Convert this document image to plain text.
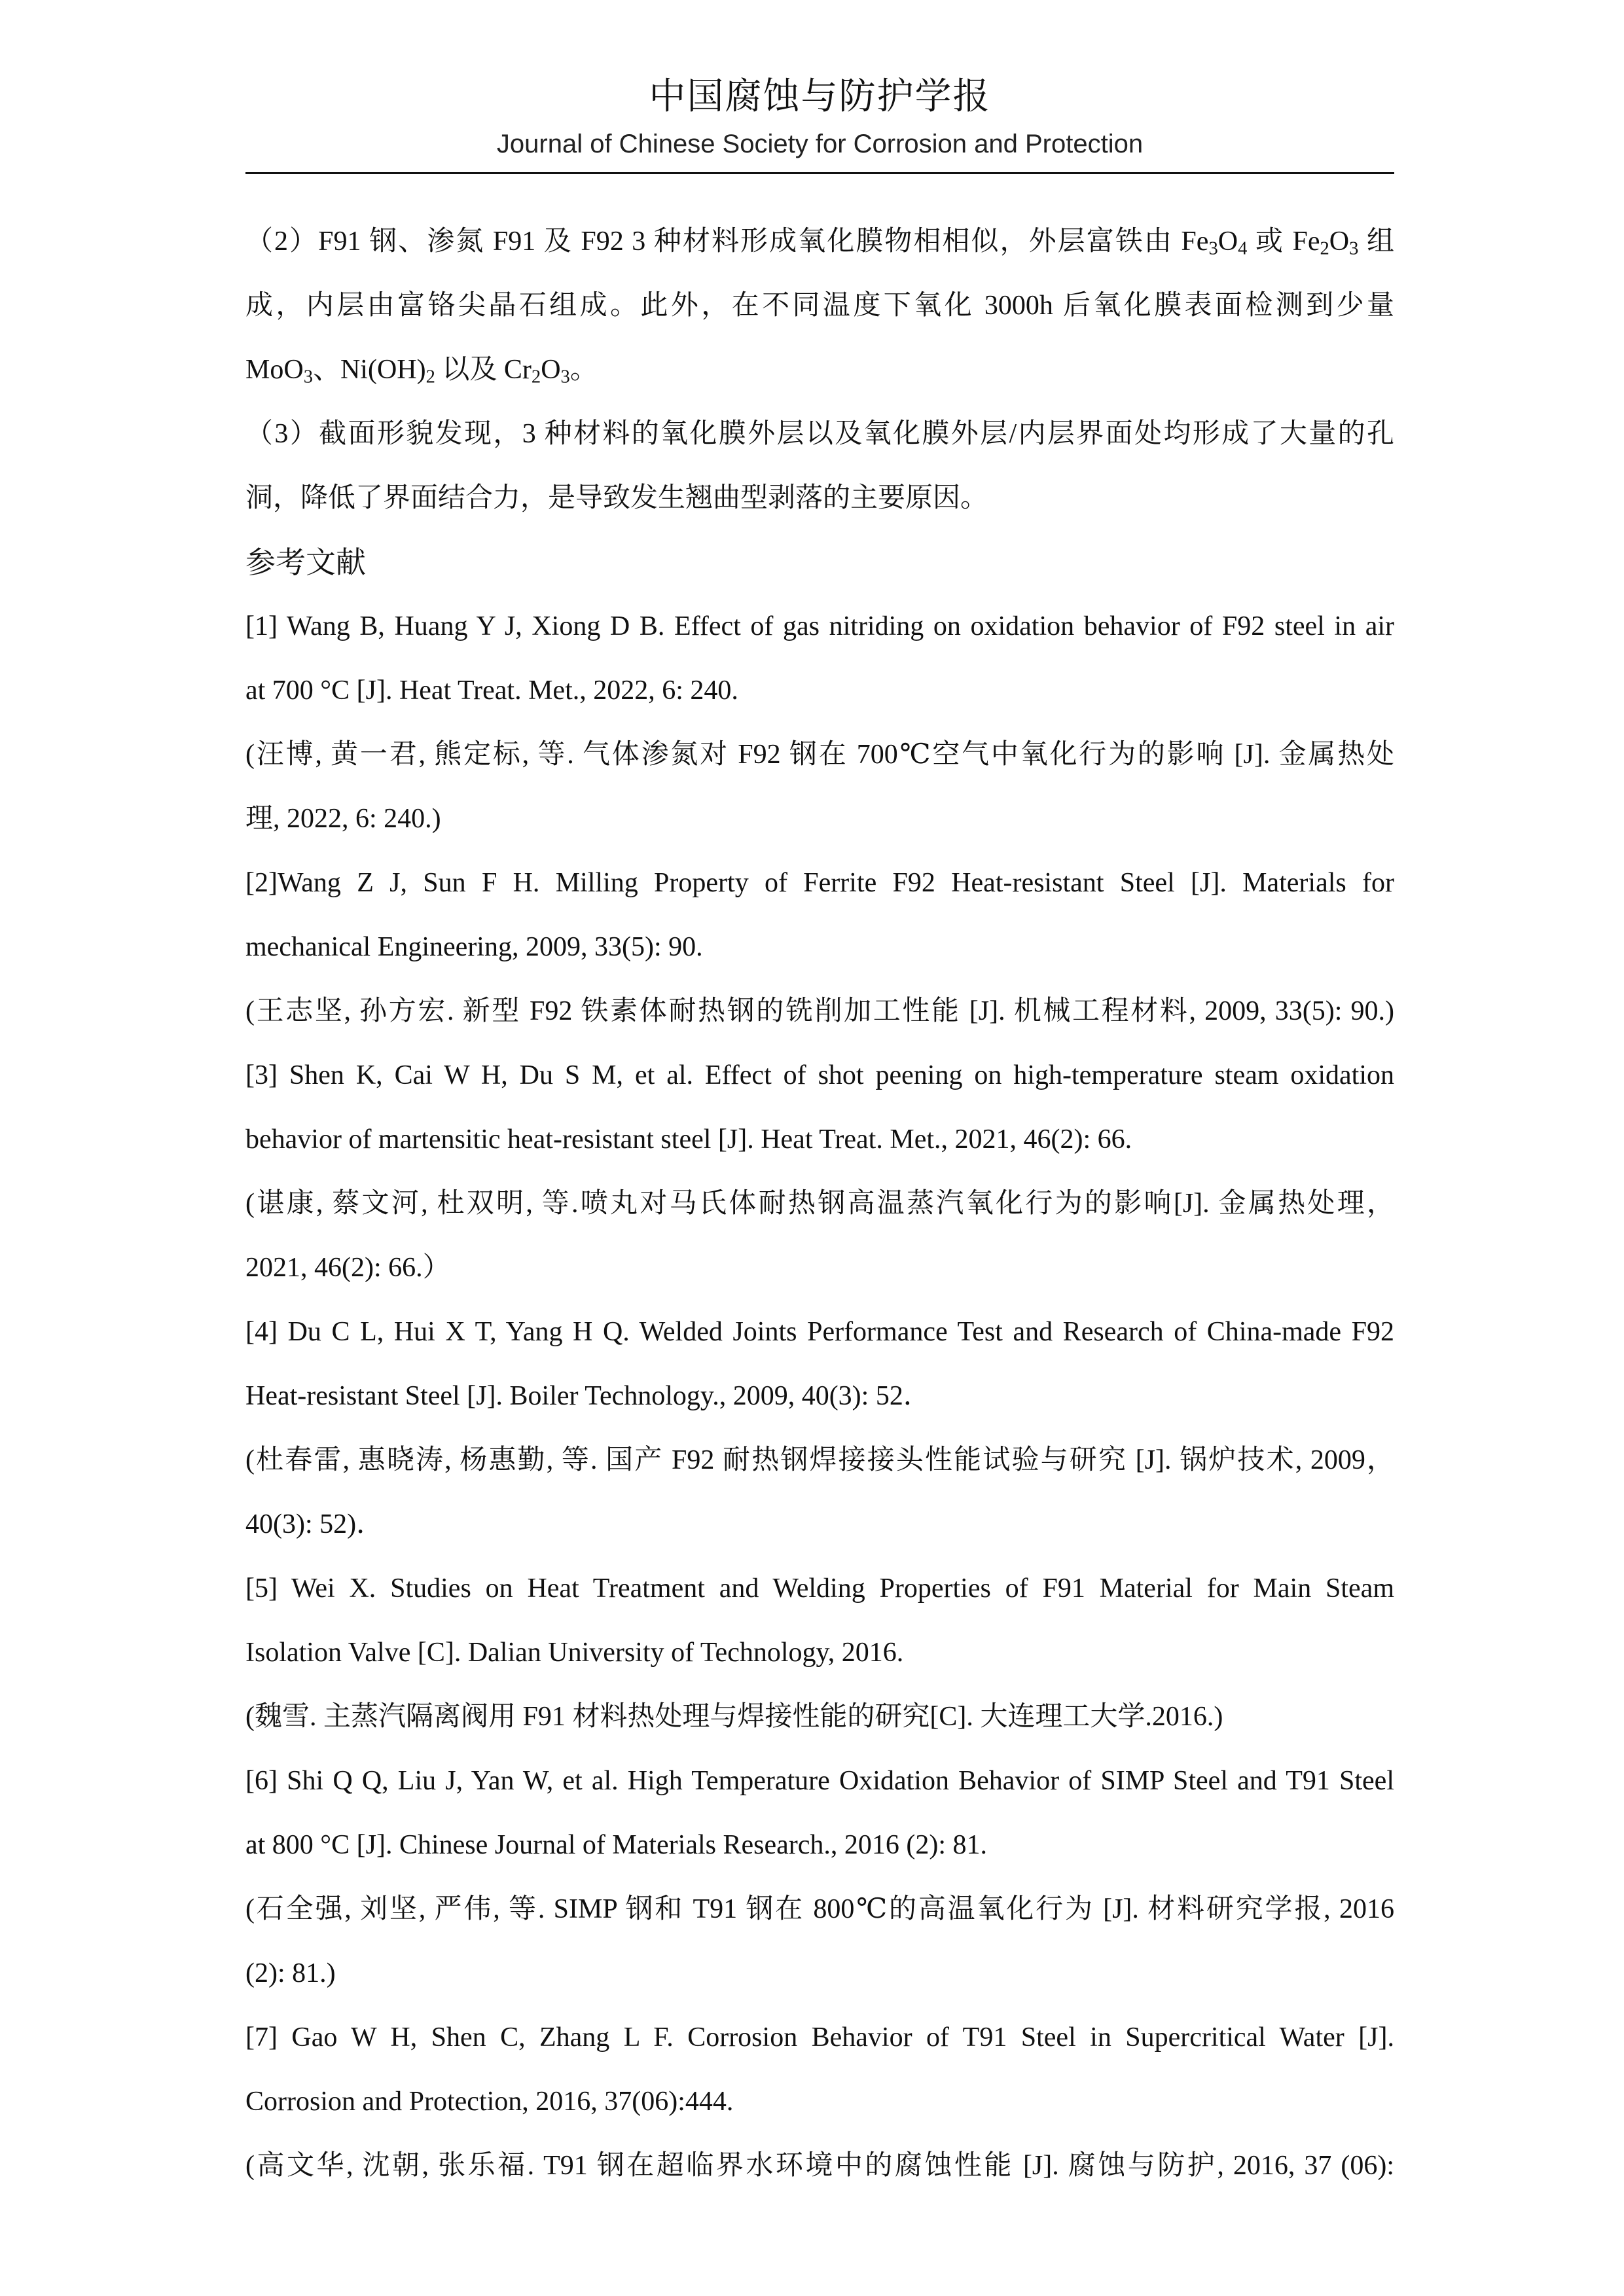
中国腐蚀与防护学报
Journal of Chinese Society for Corrosion and Protection
（2）F91 钢、渗氮 F91 及 F92 3 种材料形成氧化膜物相相似，外层富铁由 $Fe_3O_4$ 或 $Fe_2O_3$ 组
成，内层由富铬尖晶石组成。此外，在不同温度下氧化 3000h 后氧化膜表面检测到少量
MoO$_3$、$Ni(OH)_2$ 以及 $Cr_2O_3$。
（3）截面形貌发现，3 种材料的氧化膜外层以及氧化膜外层/内层界面处均形成了大量的孔
洞，降低了界面结合力，是导致发生翘曲型剥落的主要原因。
参考文献
[1] Wang B, Huang Y J, Xiong D B. Effect of gas nitriding on oxidation behavior of F92 steel in air
at 700 °C [J]. Heat Treat. Met., 2022, 6: 240.
(汪博, 黄一君, 熊定标, 等. 气体渗氮对 F92 钢在 700℃空气中氧化行为的影响 [J]. 金属热处
理, 2022, 6: 240.)
[2]Wang Z J, Sun F H. Milling Property of Ferrite F92 Heat-resistant Steel [J]. Materials for
mechanical Engineering, 2009, 33(5): 90.
(王志坚, 孙方宏. 新型 F92 铁素体耐热钢的铣削加工性能 [J]. 机械工程材料, 2009, 33(5): 90.)
[3] Shen K, Cai W H, Du S M, et al. Effect of shot peening on high-temperature steam oxidation
behavior of martensitic heat-resistant steel [J]. Heat Treat. Met., 2021, 46(2): 66.
(谌康, 蔡文河, 杜双明, 等.喷丸对马氏体耐热钢高温蒸汽氧化行为的影响[J]. 金属热处理，
2021, 46(2): 66.）
[4] Du C L, Hui X T, Yang H Q. Welded Joints Performance Test and Research of China-made F92
Heat-resistant Steel [J]. Boiler Technology., 2009, 40(3): 52．
(杜春雷, 惠晓涛, 杨惠勤, 等. 国产 F92 耐热钢焊接接头性能试验与研究 [J]. 锅炉技术, 2009，
40(3): 52)．
[5] Wei X. Studies on Heat Treatment and Welding Properties of F91 Material for Main Steam
Isolation Valve [C]. Dalian University of Technology, 2016.
(魏雪. 主蒸汽隔离阀用 F91 材料热处理与焊接性能的研究[C]. 大连理工大学.2016.)
[6] Shi Q Q, Liu J, Yan W, et al. High Temperature Oxidation Behavior of SIMP Steel and T91 Steel
at 800 °C [J]. Chinese Journal of Materials Research., 2016 (2): 81.
(石全强, 刘坚, 严伟, 等. SIMP 钢和 T91 钢在 800℃的高温氧化行为 [J]. 材料研究学报, 2016
(2): 81.)
[7] Gao W H, Shen C, Zhang L F. Corrosion Behavior of T91 Steel in Supercritical Water [J].
Corrosion and Protection, 2016, 37(06):444.
(高文华, 沈朝, 张乐福. T91 钢在超临界水环境中的腐蚀性能 [J]. 腐蚀与防护, 2016, 37 (06):
